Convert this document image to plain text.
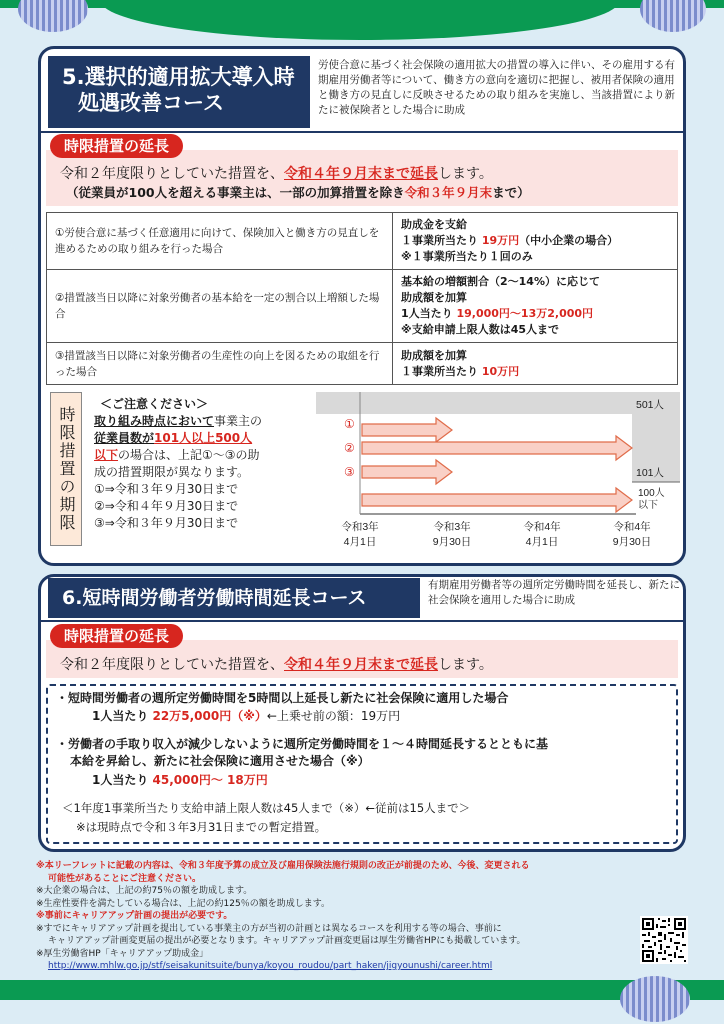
5.選択的適用拡大導入時
処遇改善コース
労使合意に基づく社会保険の適用拡大の措置の導入に伴い、その雇用する有期雇用労働者等について、働き方の意向を適切に把握し、被用者保険の適用と働き方の見直しに反映させるための取り組みを実施し、当該措置により新たに被保険者とした場合に助成
時限措置の延長
令和２年度限りとしていた措置を、令和４年９月末まで延長します。
（従業員が100人を超える事業主は、一部の加算措置を除き令和３年９月末まで）
①労使合意に基づく任意適用に向けて、保険加入と働き方の見直しを進めるための取り組みを行った場合	助成金を支給
１事業所当たり 19万円（中小企業の場合）
※１事業所当たり１回のみ

②措置該当日以降に対象労働者の基本給を一定の割合以上増額した場合	基本給の増額割合（2～14%）に応じて
助成額を加算
1人当たり 19,000円～13万2,000円
※支給申請上限人数は45人まで

③措置該当日以降に対象労働者の生産性の向上を図るための取組を行った場合	助成額を加算
１事業所当たり 10万円
時限措置の期限
＜ご注意ください＞
取り組み時点において事業主の
従業員数が101人以上500人
以下の場合は、上記①～③の助
成の措置期限が異なります。
①⇒令和３年９月30日まで
②⇒令和４年９月30日まで
③⇒令和３年９月30日まで
501人
101人
100人
以下
①
②
③
令和3年
4月1日
令和3年
9月30日
令和4年
4月1日
令和4年
9月30日
6.短時間労働者労働時間延長コース
有期雇用労働者等の週所定労働時間を延長し、新たに社会保険を適用した場合に助成
時限措置の延長
令和２年度限りとしていた措置を、令和４年９月末まで延長します。
・短時間労働者の週所定労働時間を5時間以上延長し新たに社会保険に適用した場合
1人当たり 22万5,000円（※）←上乗せ前の額：19万円
・労働者の手取り収入が減少しないように週所定労働時間を１～４時間延長するとともに基
本給を昇給し、新たに社会保険に適用させた場合（※）
1人当たり 45,000円～ 18万円
＜1年度1事業所当たり支給申請上限人数は45人まで（※）←従前は15人まで＞
※は現時点で令和３年3月31日までの暫定措置。
※本リーフレットに記載の内容は、令和３年度予算の成立及び雇用保険法施行規則の改正が前提のため、今後、変更される
可能性があることにご注意ください。
※大企業の場合は、上記の約75％の額を助成します。
※生産性要件を満たしている場合は、上記の約125％の額を助成します。
※事前にキャリアアップ計画の提出が必要です。
※すでにキャリアアップ計画を提出している事業主の方が当初の計画とは異なるコースを利用する等の場合、事前に
キャリアアップ計画変更届の提出が必要となります。キャリアアップ計画変更届は厚生労働省HPにも掲載しています。
※厚生労働省HP「キャリアアップ助成金」
http://www.mhlw.go.jp/stf/seisakunitsuite/bunya/koyou_roudou/part_haken/jigyounushi/career.html
